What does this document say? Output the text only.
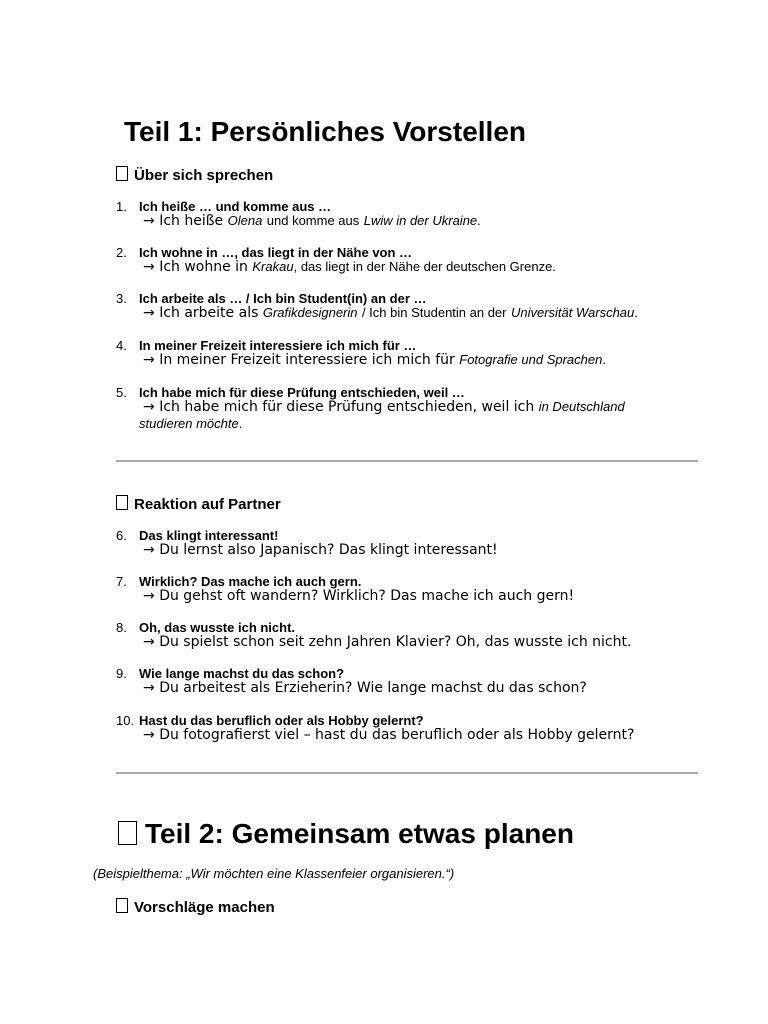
Teil 1: Persönliches Vorstellen
Über sich sprechen
1. Ich heiße … und komme aus …
→ Ich heiße Olena und komme aus Lwiw in der Ukraine.
2. Ich wohne in …, das liegt in der Nähe von …
→ Ich wohne in Krakau, das liegt in der Nähe der deutschen Grenze.
3. Ich arbeite als … / Ich bin Student(in) an der …
→ Ich arbeite als Grafikdesignerin / Ich bin Studentin an der Universität Warschau.
4. In meiner Freizeit interessiere ich mich für …
→ In meiner Freizeit interessiere ich mich für Fotografie und Sprachen.
5. Ich habe mich für diese Prüfung entschieden, weil …
→ Ich habe mich für diese Prüfung entschieden, weil ich in Deutschland
studieren möchte.
Reaktion auf Partner
6. Das klingt interessant!
→ Du lernst also Japanisch? Das klingt interessant!
7. Wirklich? Das mache ich auch gern.
→ Du gehst oft wandern? Wirklich? Das mache ich auch gern!
8. Oh, das wusste ich nicht.
→ Du spielst schon seit zehn Jahren Klavier? Oh, das wusste ich nicht.
9. Wie lange machst du das schon?
→ Du arbeitest als Erzieherin? Wie lange machst du das schon?
10. Hast du das beruflich oder als Hobby gelernt?
→ Du fotografierst viel – hast du das beruflich oder als Hobby gelernt?
Teil 2: Gemeinsam etwas planen
(Beispielthema: „Wir möchten eine Klassenfeier organisieren.“)
Vorschläge machen
